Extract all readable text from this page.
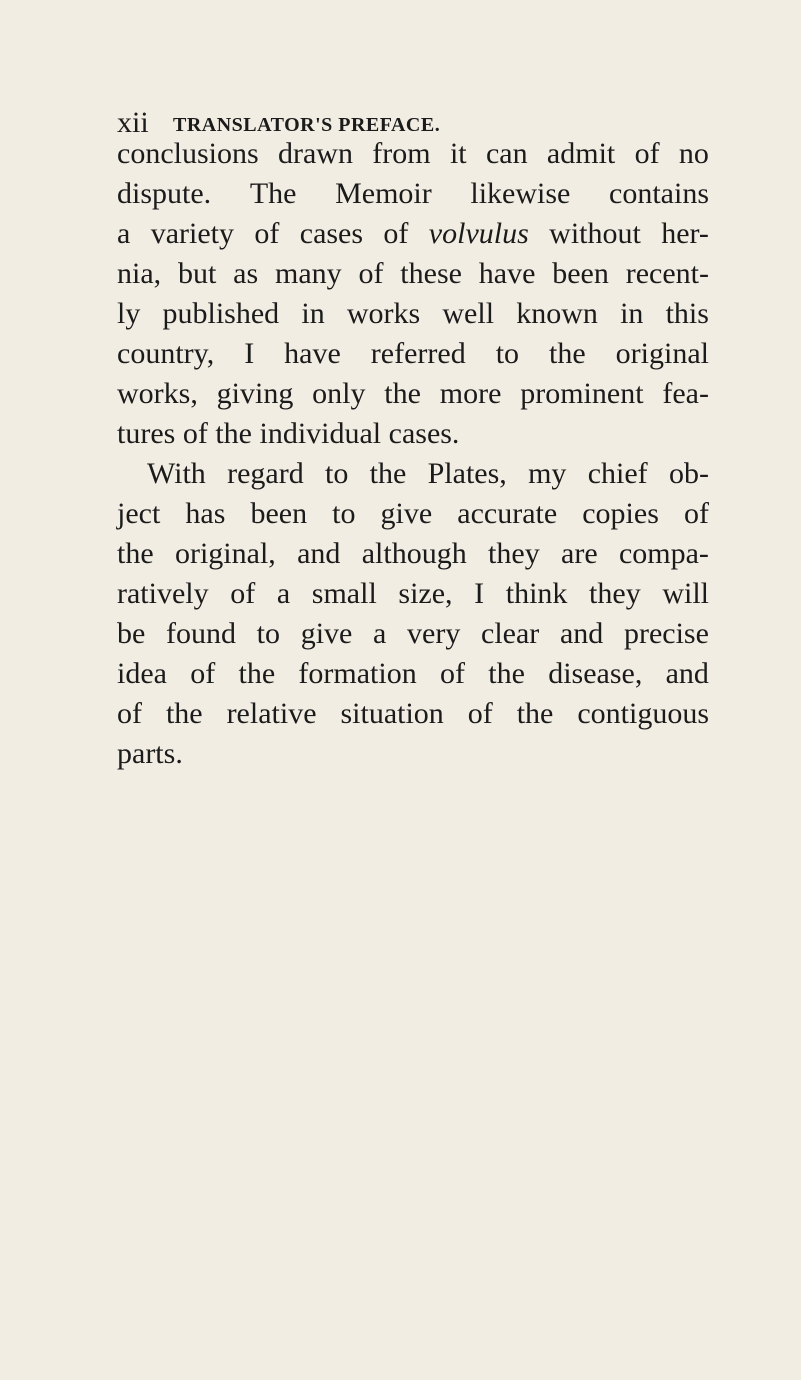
xii TRANSLATOR'S PREFACE.
conclusions drawn from it can admit of no
dispute. The Memoir likewise contains
a variety of cases of volvulus without her-
nia, but as many of these have been recent-
ly published in works well known in this
country, I have referred to the original
works, giving only the more prominent fea-
tures of the individual cases.
With regard to the Plates, my chief ob-
ject has been to give accurate copies of
the original, and although they are compa-
ratively of a small size, I think they will
be found to give a very clear and precise
idea of the formation of the disease, and
of the relative situation of the contiguous
parts.
